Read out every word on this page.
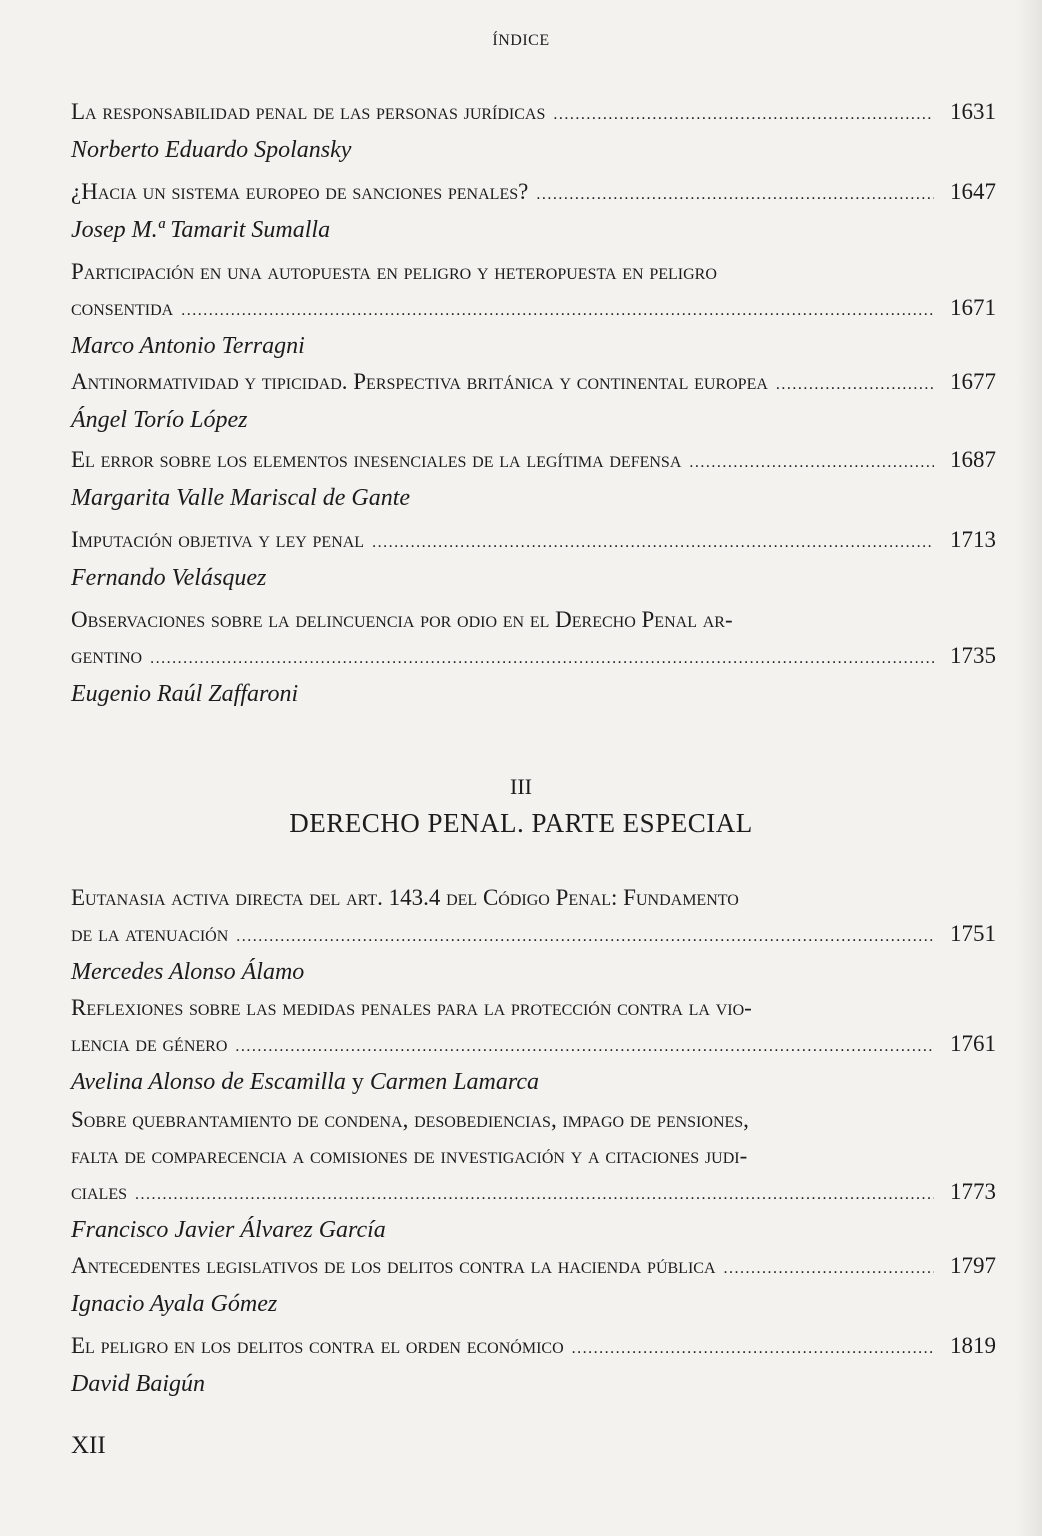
ÍNDICE
La responsabilidad penal de las personas jurídicas .....	1631
Norberto Eduardo Spolansky
¿Hacia un sistema europeo de sanciones penales? .....	1647
Josep M.ª Tamarit Sumalla
Participación en una autopuesta en peligro y heteropuesta en peligro
consentida .....	1671
Marco Antonio Terragni
Antinormatividad y tipicidad. Perspectiva británica y continental europea .....	1677
Ángel Torío López
El error sobre los elementos inesenciales de la legítima defensa .....	1687
Margarita Valle Mariscal de Gante
Imputación objetiva y ley penal .....	1713
Fernando Velásquez
Observaciones sobre la delincuencia por odio en el Derecho Penal ar-
gentino .....	1735
Eugenio Raúl Zaffaroni
Eutanasia activa directa del art. 143.4 del Código Penal: Fundamento
de la atenuación .....	1751
Mercedes Alonso Álamo
Reflexiones sobre las medidas penales para la protección contra la vio-
lencia de género .....	1761
Avelina Alonso de Escamilla y Carmen Lamarca
Sobre quebrantamiento de condena, desobediencias, impago de pensiones,
falta de comparecencia a comisiones de investigación y a citaciones judi-
ciales .....	1773
Francisco Javier Álvarez García
Antecedentes legislativos de los delitos contra la hacienda pública .....	1797
Ignacio Ayala Gómez
El peligro en los delitos contra el orden económico .....	1819
David Baigún
III
DERECHO PENAL. PARTE ESPECIAL
XII
